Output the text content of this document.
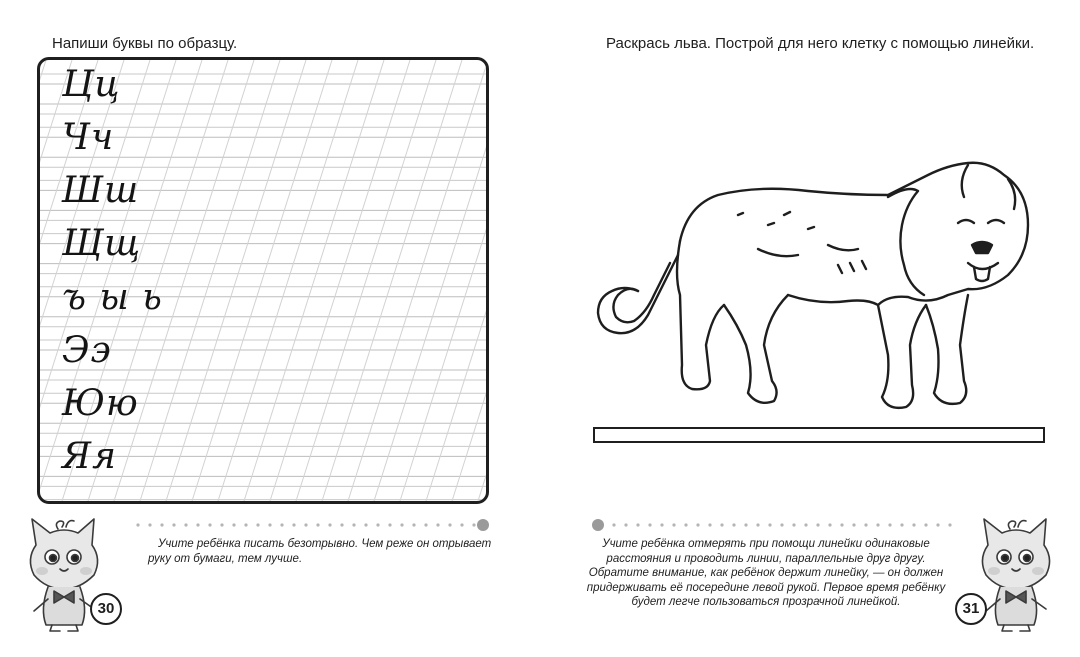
Напиши буквы по образцу.
Цц
Чч
Шш
Щщ
ъ ы ь
Ээ
Юю
Яя
Учите ребёнка писать безотрывно. Чем реже он отрывает руку от бумаги, тем лучше.
30
Раскрась льва. Построй для него клетку с помощью линейки.
Учите ребёнка отмерять при помощи линейки одинаковые расстояния и проводить линии, параллельные друг другу. Обратите внимание, как ребёнок держит линейку, — он должен придерживать её посередине левой рукой. Первое время ребёнку будет легче пользоваться прозрачной линейкой.	31
